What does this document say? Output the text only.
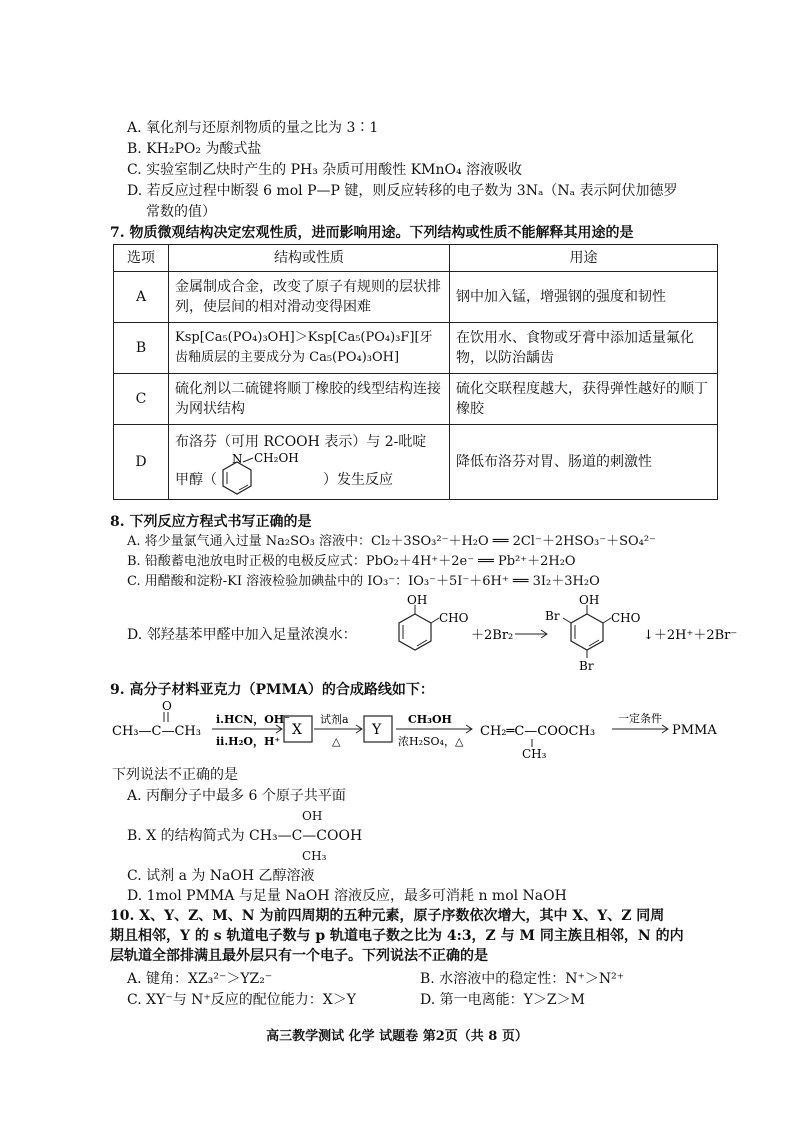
A. 氧化剂与还原剂物质的量之比为 3∶1
B. KH₂PO₂ 为酸式盐
C. 实验室制乙炔时产生的 PH₃ 杂质可用酸性 KMnO₄ 溶液吸收
D. 若反应过程中断裂 6 mol P—P 键，则反应转移的电子数为 3Nₐ（Nₐ 表示阿伏加德罗
常数的值）
7. 物质微观结构决定宏观性质，进而影响用途。下列结构或性质不能解释其用途的是
选项	结构或性质	用途
A	金属制成合金，改变了原子有规则的层状排列，使层间的相对滑动变得困难	钢中加入锰，增强钢的强度和韧性
B	Ksp[Ca₅(PO₄)₃OH]＞Ksp[Ca₅(PO₄)₃F][牙齿釉质层的主要成分为 Ca₅(PO₄)₃OH]	在饮用水、食物或牙膏中添加适量氟化物，以防治龋齿
C	硫化剂以二硫键将顺丁橡胶的线型结构连接为网状结构	硫化交联程度越大，获得弹性越好的顺丁橡胶
D	布洛芬（可用 RCOOH 表示）与 2-吡啶
甲醇（
N CH₂OH
）发生反应	降低布洛芬对胃、肠道的刺激性
8. 下列反应方程式书写正确的是
A. 将少量氯气通入过量 Na₂SO₃ 溶液中：Cl₂＋3SO₃²⁻＋H₂O ══ 2Cl⁻＋2HSO₃⁻＋SO₄²⁻
B. 铅酸蓄电池放电时正极的电极反应式：PbO₂＋4H⁺＋2e⁻ ══ Pb²⁺＋2H₂O
C. 用醋酸和淀粉-KI 溶液检验加碘盐中的 IO₃⁻：IO₃⁻＋5I⁻＋6H⁺ ══ 3I₂＋3H₂O
D. 邻羟基苯甲醛中加入足量浓溴水：
OH
CHO
＋2Br₂
OH
CHO
Br
Br
↓＋2H⁺＋2Br⁻
9. 高分子材料亚克力（PMMA）的合成路线如下：
O
CH₃—C—CH₃
i.HCN，OH⁻
ii.H₂O，H⁺
X
试剂a
△
Y
CH₃OH
浓H₂SO₄，△
CH₂═C—COOCH₃
CH₃
一定条件
PMMA
下列说法不正确的是
A. 丙酮分子中最多 6 个原子共平面
OH
B. X 的结构简式为 CH₃—C—COOH
CH₃
C. 试剂 a 为 NaOH 乙醇溶液
D. 1mol PMMA 与足量 NaOH 溶液反应，最多可消耗 n mol NaOH
10. X、Y、Z、M、N 为前四周期的五种元素，原子序数依次增大，其中 X、Y、Z 同周
期且相邻，Y 的 s 轨道电子数与 p 轨道电子数之比为 4:3，Z 与 M 同主族且相邻，N 的内
层轨道全部排满且最外层只有一个电子。下列说法不正确的是
A. 键角：XZ₃²⁻＞YZ₂⁻	B. 水溶液中的稳定性：N⁺＞N²⁺
C. XY⁻与 N⁺反应的配位能力：X＞Y	D. 第一电离能：Y＞Z＞M
高三教学测试 化学 试题卷 第2页（共 8 页）
